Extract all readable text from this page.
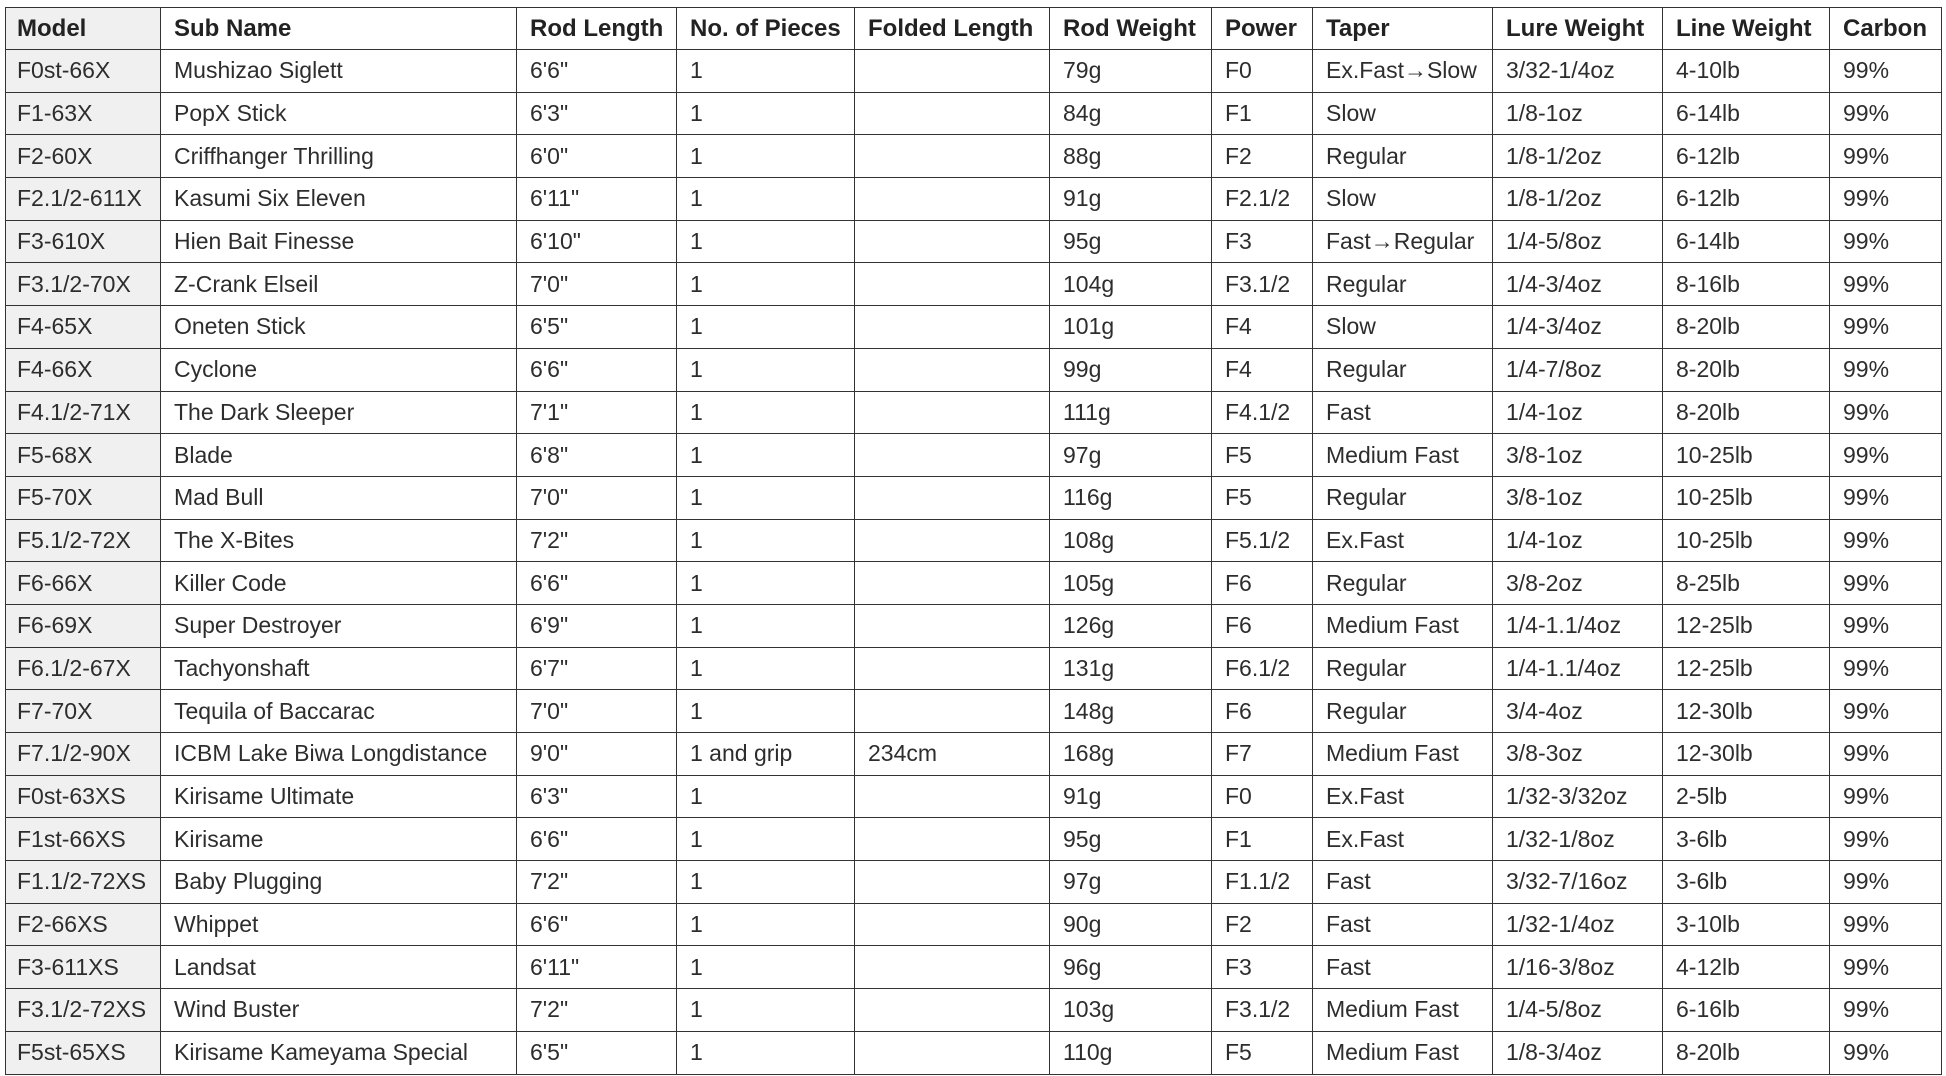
Model	Sub Name	Rod Length	No. of Pieces	Folded Length	Rod Weight	Power	Taper	Lure Weight	Line Weight	Carbon
F0st-66X	Mushizao Siglett	6'6"	1		79g	F0	Ex.Fast→Slow	3/32-1/4oz	4-10lb	99%
F1-63X	PopX Stick	6'3"	1		84g	F1	Slow	1/8-1oz	6-14lb	99%
F2-60X	Criffhanger Thrilling	6'0"	1		88g	F2	Regular	1/8-1/2oz	6-12lb	99%
F2.1/2-611X	Kasumi Six Eleven	6'11"	1		91g	F2.1/2	Slow	1/8-1/2oz	6-12lb	99%
F3-610X	Hien Bait Finesse	6'10"	1		95g	F3	Fast→Regular	1/4-5/8oz	6-14lb	99%
F3.1/2-70X	Z-Crank Elseil	7'0"	1		104g	F3.1/2	Regular	1/4-3/4oz	8-16lb	99%
F4-65X	Oneten Stick	6'5"	1		101g	F4	Slow	1/4-3/4oz	8-20lb	99%
F4-66X	Cyclone	6'6"	1		99g	F4	Regular	1/4-7/8oz	8-20lb	99%
F4.1/2-71X	The Dark Sleeper	7'1"	1		111g	F4.1/2	Fast	1/4-1oz	8-20lb	99%
F5-68X	Blade	6'8"	1		97g	F5	Medium Fast	3/8-1oz	10-25lb	99%
F5-70X	Mad Bull	7'0"	1		116g	F5	Regular	3/8-1oz	10-25lb	99%
F5.1/2-72X	The X-Bites	7'2"	1		108g	F5.1/2	Ex.Fast	1/4-1oz	10-25lb	99%
F6-66X	Killer Code	6'6"	1		105g	F6	Regular	3/8-2oz	8-25lb	99%
F6-69X	Super Destroyer	6'9"	1		126g	F6	Medium Fast	1/4-1.1/4oz	12-25lb	99%
F6.1/2-67X	Tachyonshaft	6'7"	1		131g	F6.1/2	Regular	1/4-1.1/4oz	12-25lb	99%
F7-70X	Tequila of Baccarac	7'0"	1		148g	F6	Regular	3/4-4oz	12-30lb	99%
F7.1/2-90X	ICBM Lake Biwa Longdistance	9'0"	1 and grip	234cm	168g	F7	Medium Fast	3/8-3oz	12-30lb	99%
F0st-63XS	Kirisame Ultimate	6'3"	1		91g	F0	Ex.Fast	1/32-3/32oz	2-5lb	99%
F1st-66XS	Kirisame	6'6"	1		95g	F1	Ex.Fast	1/32-1/8oz	3-6lb	99%
F1.1/2-72XS	Baby Plugging	7'2"	1		97g	F1.1/2	Fast	3/32-7/16oz	3-6lb	99%
F2-66XS	Whippet	6'6"	1		90g	F2	Fast	1/32-1/4oz	3-10lb	99%
F3-611XS	Landsat	6'11"	1		96g	F3	Fast	1/16-3/8oz	4-12lb	99%
F3.1/2-72XS	Wind Buster	7'2"	1		103g	F3.1/2	Medium Fast	1/4-5/8oz	6-16lb	99%
F5st-65XS	Kirisame Kameyama Special	6'5"	1		110g	F5	Medium Fast	1/8-3/4oz	8-20lb	99%
